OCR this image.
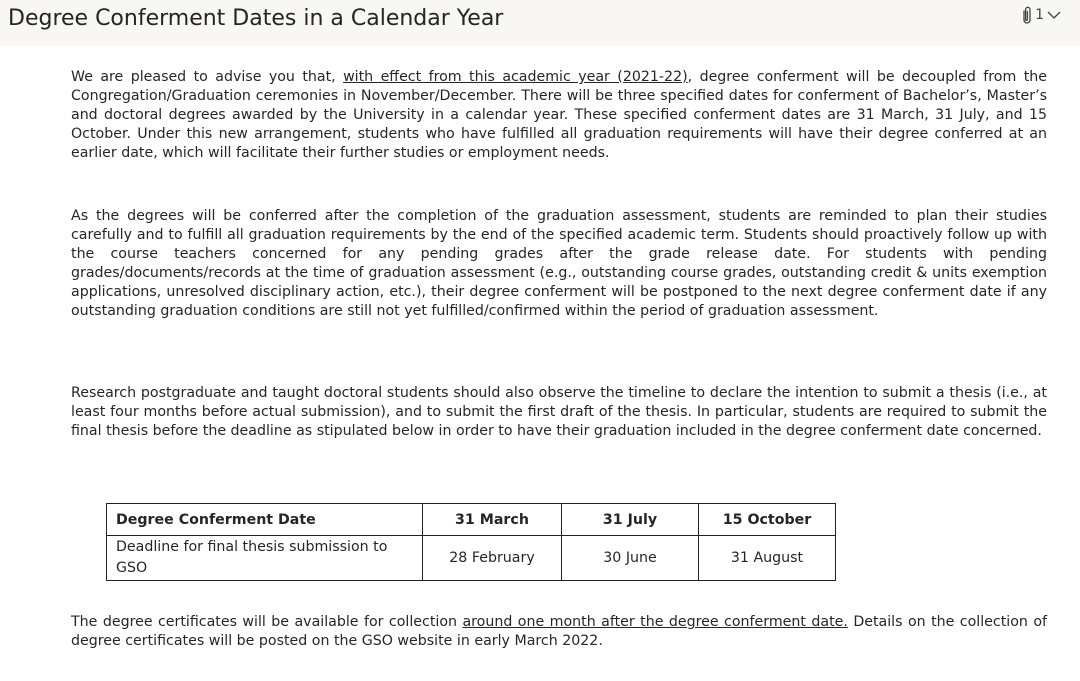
Degree Conferment Dates in a Calendar Year	1

We are pleased to advise you that, with effect from this academic year (2021-22), degree conferment will be decoupled from the Congregation/Graduation ceremonies in November/December. There will be three specified dates for conferment of Bachelor’s, Master’s and doctoral degrees awarded by the University in a calendar year. These specified conferment dates are 31 March, 31 July, and 15 October. Under this new arrangement, students who have fulfilled all graduation requirements will have their degree conferred at an earlier date, which will facilitate their further studies or employment needs.

As the degrees will be conferred after the completion of the graduation assessment, students are reminded to plan their studies carefully and to fulfill all graduation requirements by the end of the specified academic term. Students should proactively follow up with the course teachers concerned for any pending grades after the grade release date. For students with pending grades/documents/records at the time of graduation assessment (e.g., outstanding course grades, outstanding credit & units exemption applications, unresolved disciplinary action, etc.), their degree conferment will be postponed to the next degree conferment date if any outstanding graduation conditions are still not yet fulfilled/confirmed within the period of graduation assessment.

Research postgraduate and taught doctoral students should also observe the timeline to declare the intention to submit a thesis (i.e., at least four months before actual submission), and to submit the first draft of the thesis. In particular, students are required to submit the final thesis before the deadline as stipulated below in order to have their graduation included in the degree conferment date concerned.

Degree Conferment Date	31 March	31 July	15 October
Deadline for final thesis submission to GSO	28 February	30 June	31 August

The degree certificates will be available for collection around one month after the degree conferment date. Details on the collection of degree certificates will be posted on the GSO website in early March 2022.
